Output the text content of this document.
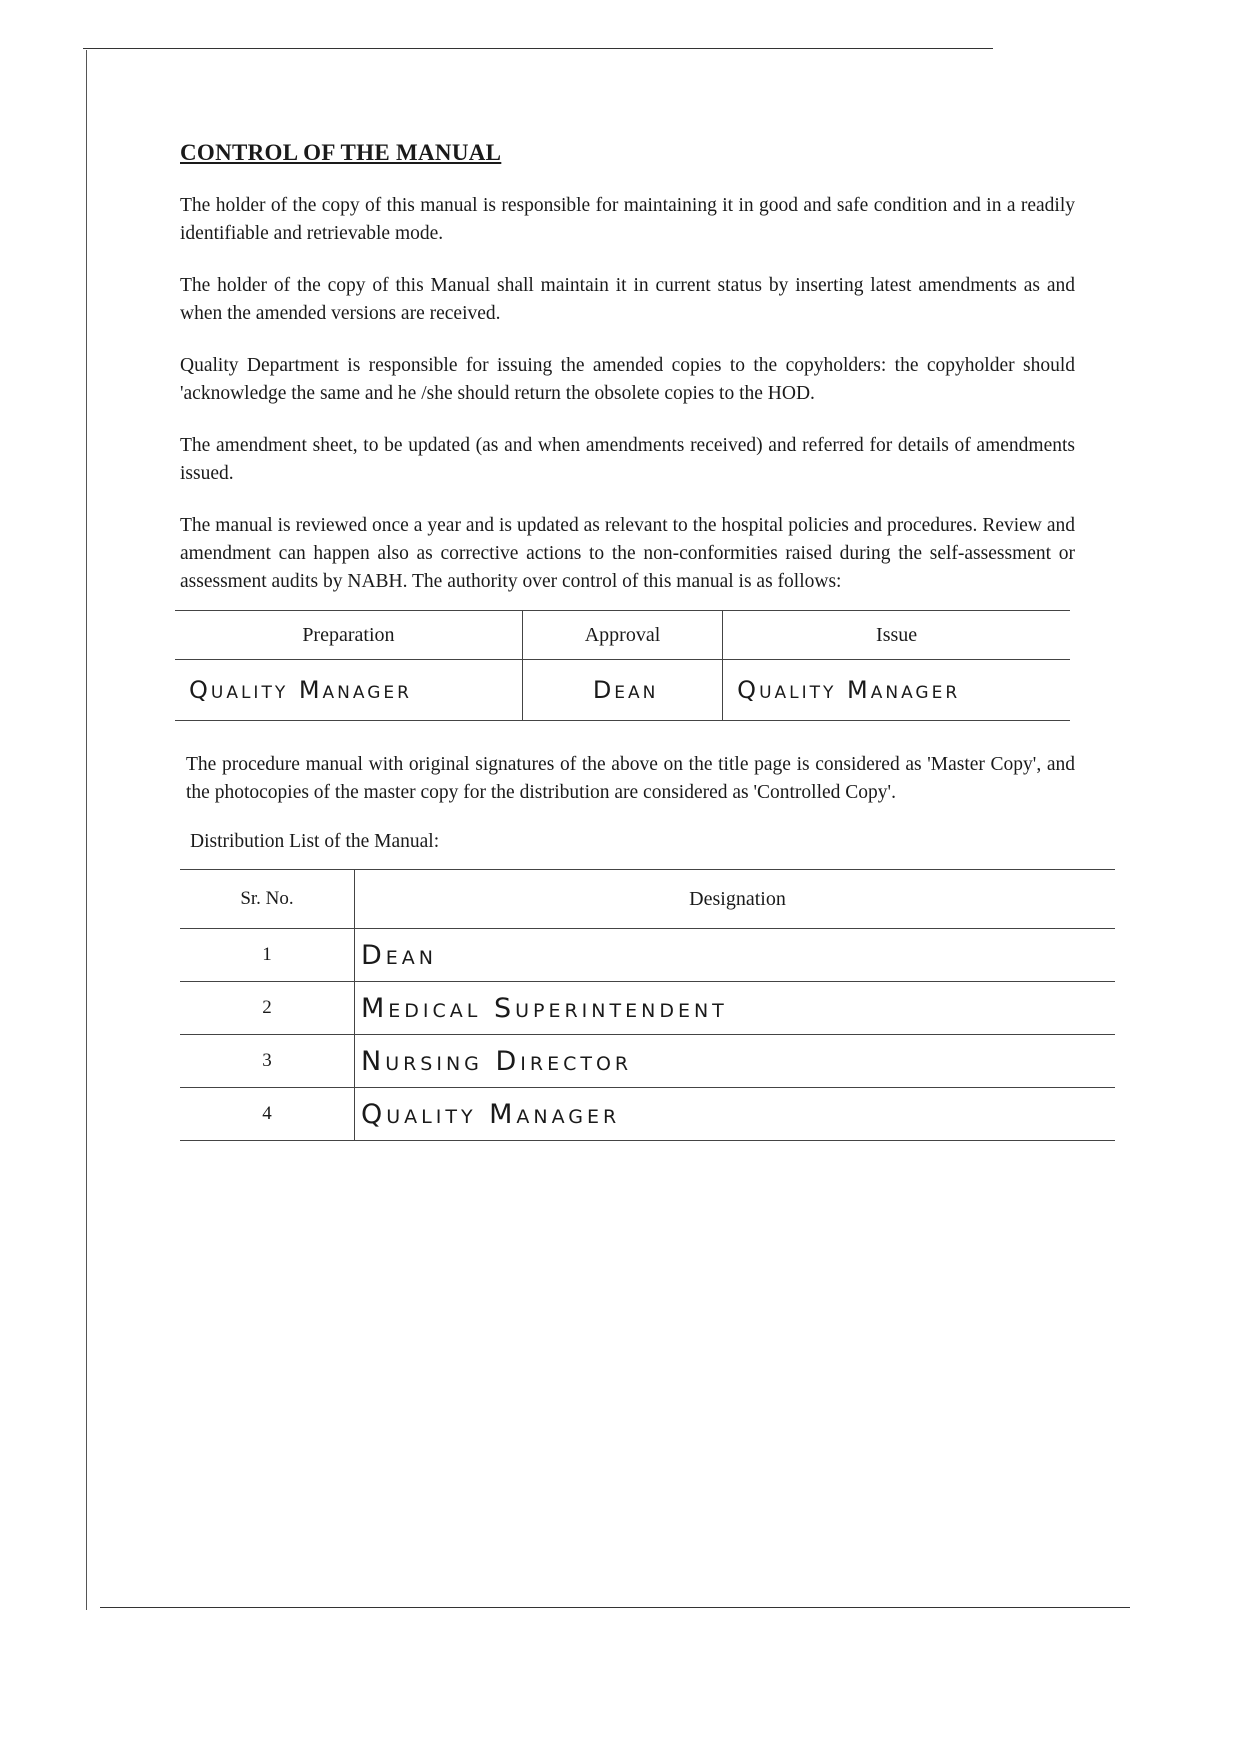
CONTROL OF THE MANUAL

The holder of the copy of this manual is responsible for maintaining it in good and safe condition and in a readily identifiable and retrievable mode.

The holder of the copy of this Manual shall maintain it in current status by inserting latest amendments as and when the amended versions are received.

Quality Department is responsible for issuing the amended copies to the copyholders: the copyholder should 'acknowledge the same and he /she should return the obsolete copies to the HOD.

The amendment sheet, to be updated (as and when amendments received) and referred for details of amendments issued.

The manual is reviewed once a year and is updated as relevant to the hospital policies and procedures. Review and amendment can happen also as corrective actions to the non-conformities raised during the self-assessment or assessment audits by NABH. The authority over control of this manual is as follows:

Preparation	Approval	Issue
Quality Manager	Dean	Quality Manager

The procedure manual with original signatures of the above on the title page is considered as 'Master Copy', and the photocopies of the master copy for the distribution are considered as 'Controlled Copy'.

Distribution List of the Manual:
Sr. No.	Designation
1	Dean
2	Medical Superintendent
3	Nursing Director
4	Quality Manager
